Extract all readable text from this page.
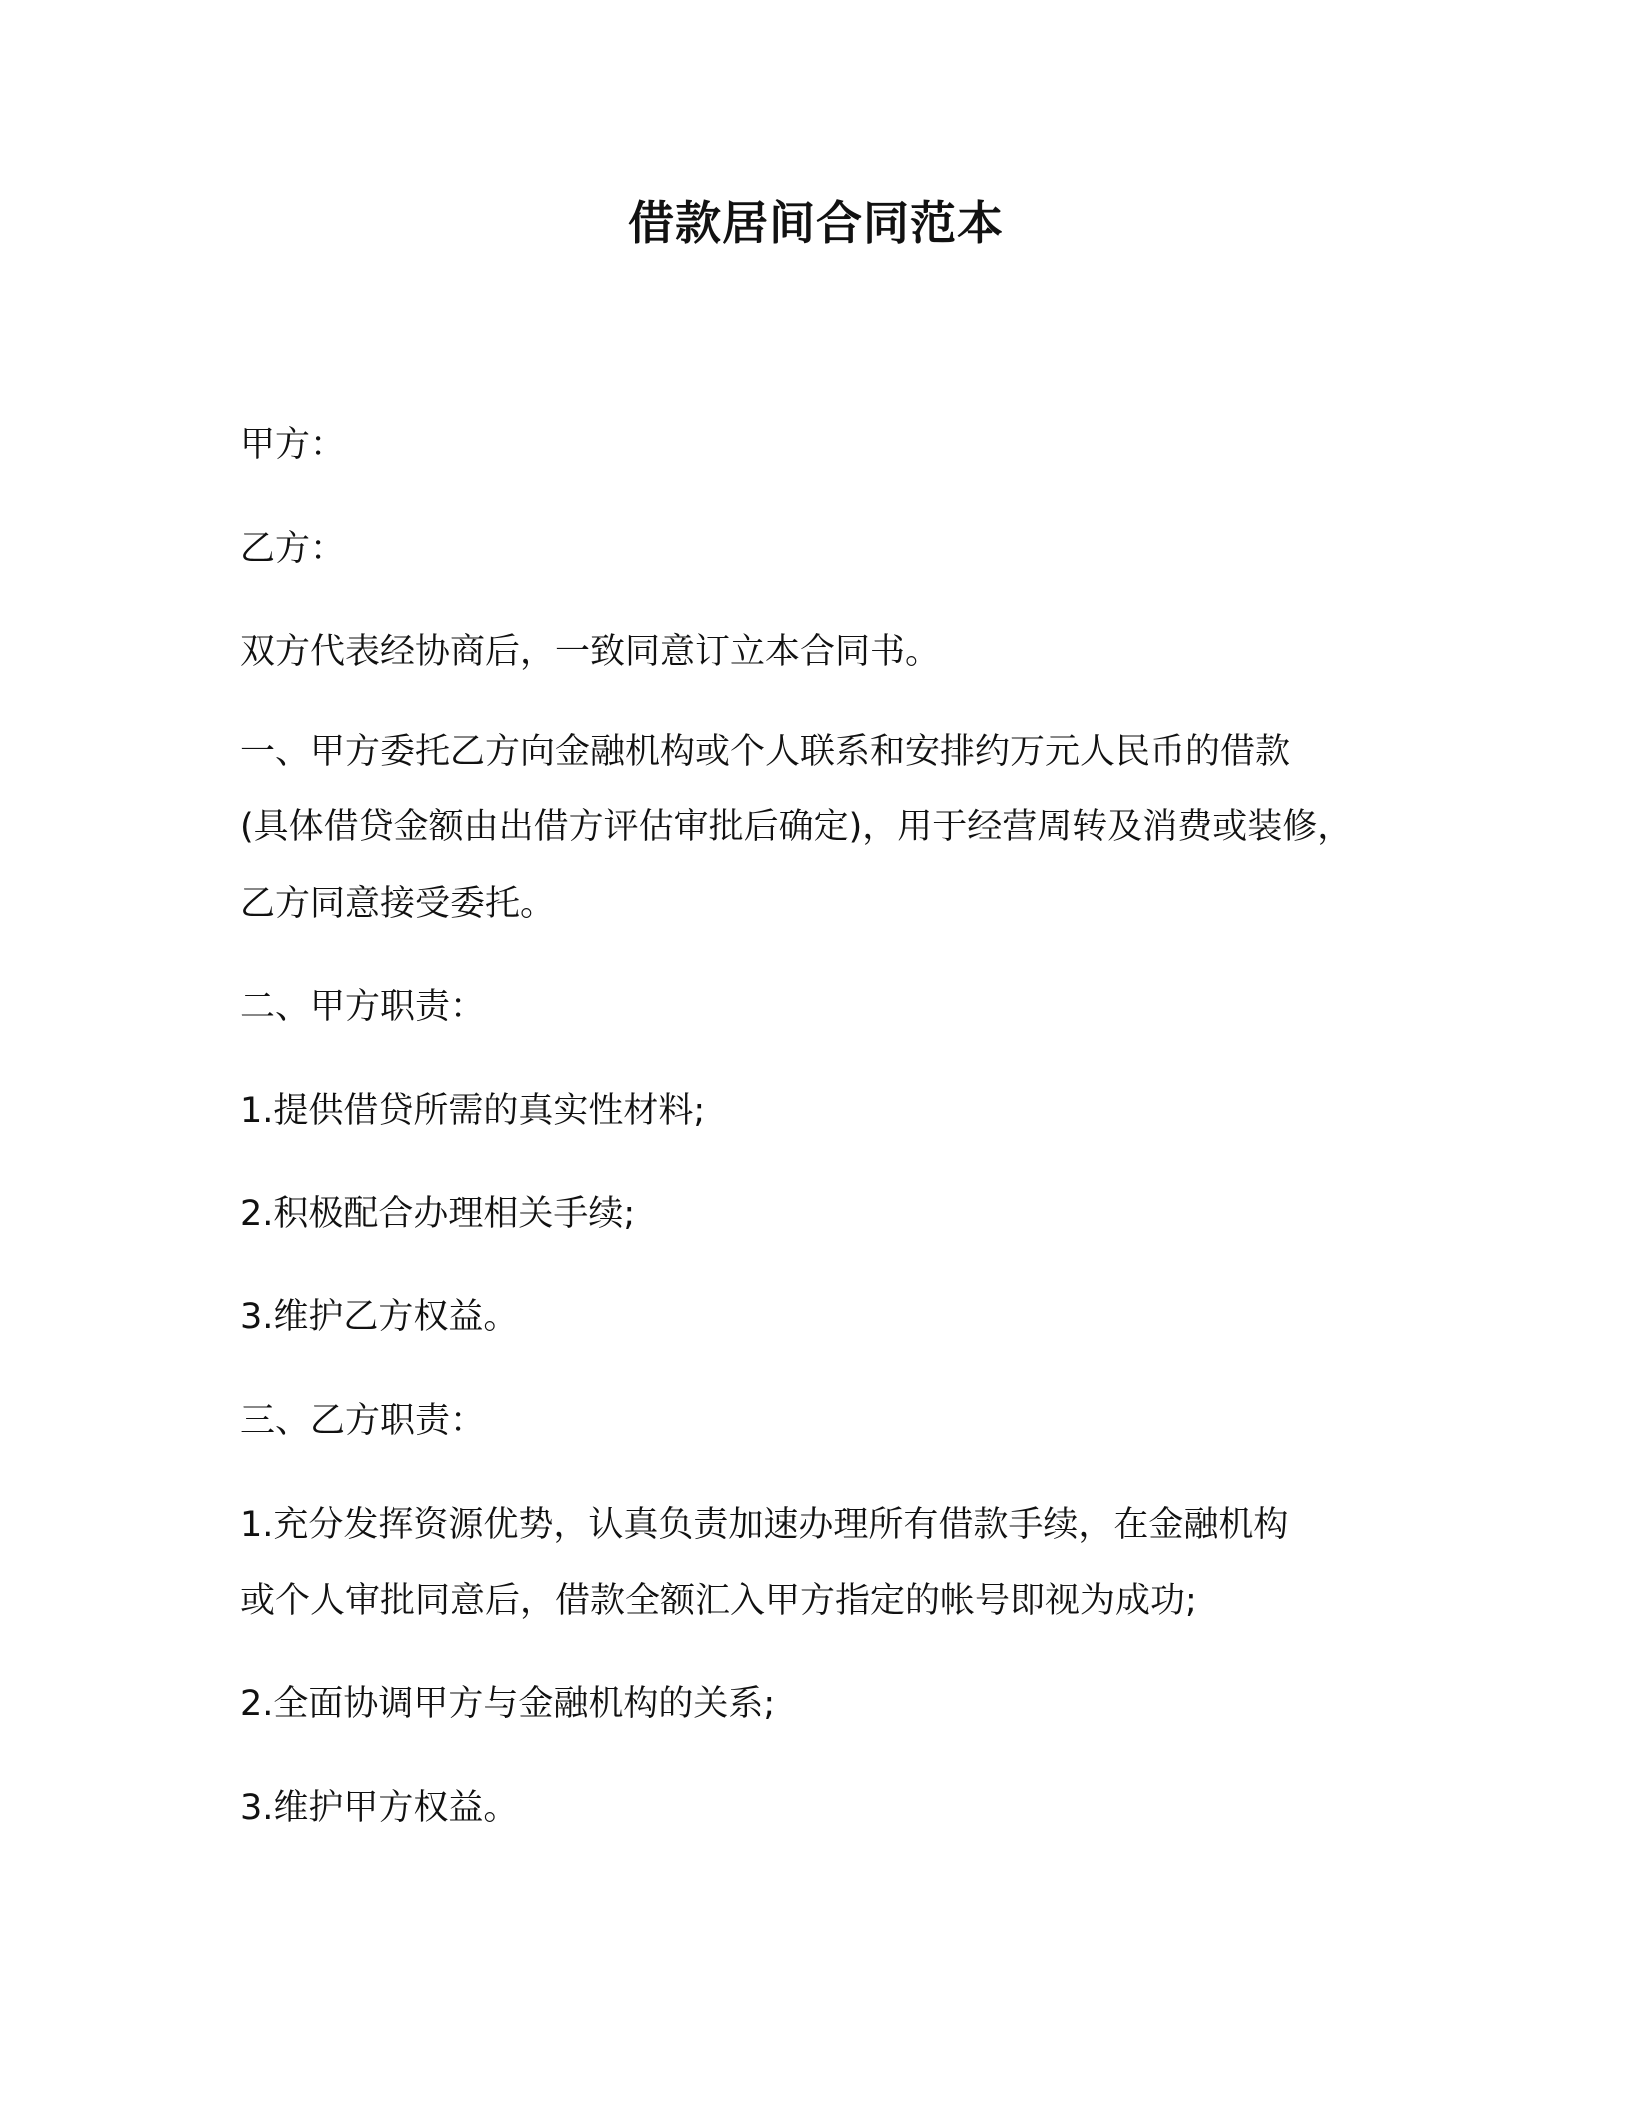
借款居间合同范本
甲方：
乙方：
双方代表经协商后，一致同意订立本合同书。
一、甲方委托乙方向金融机构或个人联系和安排约万元人民币的借款
(具体借贷金额由出借方评估审批后确定)，用于经营周转及消费或装修，
乙方同意接受委托。
二、甲方职责：
1.提供借贷所需的真实性材料;
2.积极配合办理相关手续;
3.维护乙方权益。
三、乙方职责：
1.充分发挥资源优势，认真负责加速办理所有借款手续，在金融机构
或个人审批同意后，借款全额汇入甲方指定的帐号即视为成功;
2.全面协调甲方与金融机构的关系;
3.维护甲方权益。
